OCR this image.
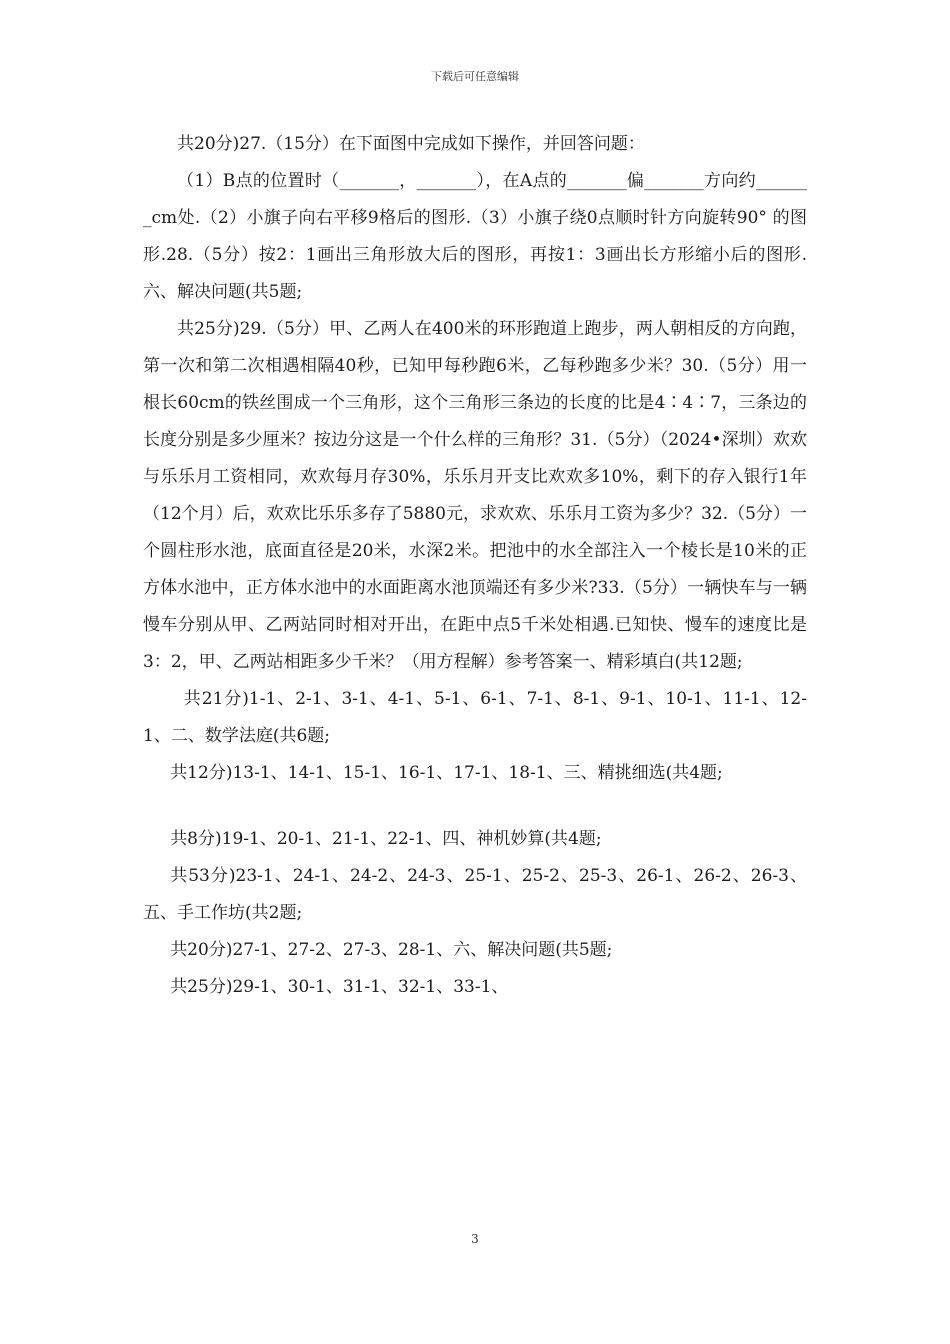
下载后可任意编辑

共20分)27.（15分）在下面图中完成如下操作，并回答问题：

（1）B点的位置时（_______，_______），在A点的_______偏_______方向约_______cm处.（2）小旗子向右平移9格后的图形.（3）小旗子绕0点顺时针方向旋转90° 的图形.28.（5分）按2：1画出三角形放大后的图形，再按1：3画出长方形缩小后的图形.六、解决问题(共5题;

共25分)29.（5分）甲、乙两人在400米的环形跑道上跑步，两人朝相反的方向跑，第一次和第二次相遇相隔40秒，已知甲每秒跑6米，乙每秒跑多少米？30.（5分）用一根长60cm的铁丝围成一个三角形，这个三角形三条边的长度的比是4∶4∶7，三条边的长度分别是多少厘米？按边分这是一个什么样的三角形？31.（5分）（2024•深圳）欢欢与乐乐月工资相同，欢欢每月存30%，乐乐月开支比欢欢多10%，剩下的存入银行1年（12个月）后，欢欢比乐乐多存了5880元，求欢欢、乐乐月工资为多少？32.（5分）一个圆柱形水池，底面直径是20米，水深2米。把池中的水全部注入一个棱长是10米的正方体水池中，正方体水池中的水面距离水池顶端还有多少米?33.（5分）一辆快车与一辆慢车分别从甲、乙两站同时相对开出，在距中点5千米处相遇.已知快、慢车的速度比是3：2，甲、乙两站相距多少千米？（用方程解）参考答案一、精彩填白(共12题;

共21分)1-1、2-1、3-1、4-1、5-1、6-1、7-1、8-1、9-1、10-1、11-1、12-1、二、数学法庭(共6题;

共12分)13-1、14-1、15-1、16-1、17-1、18-1、三、精挑细选(共4题;

共8分)19-1、20-1、21-1、22-1、四、神机妙算(共4题;

共53分)23-1、24-1、24-2、24-3、25-1、25-2、25-3、26-1、26-2、26-3、五、手工作坊(共2题;

共20分)27-1、27-2、27-3、28-1、六、解决问题(共5题;

共25分)29-1、30-1、31-1、32-1、33-1、

3
